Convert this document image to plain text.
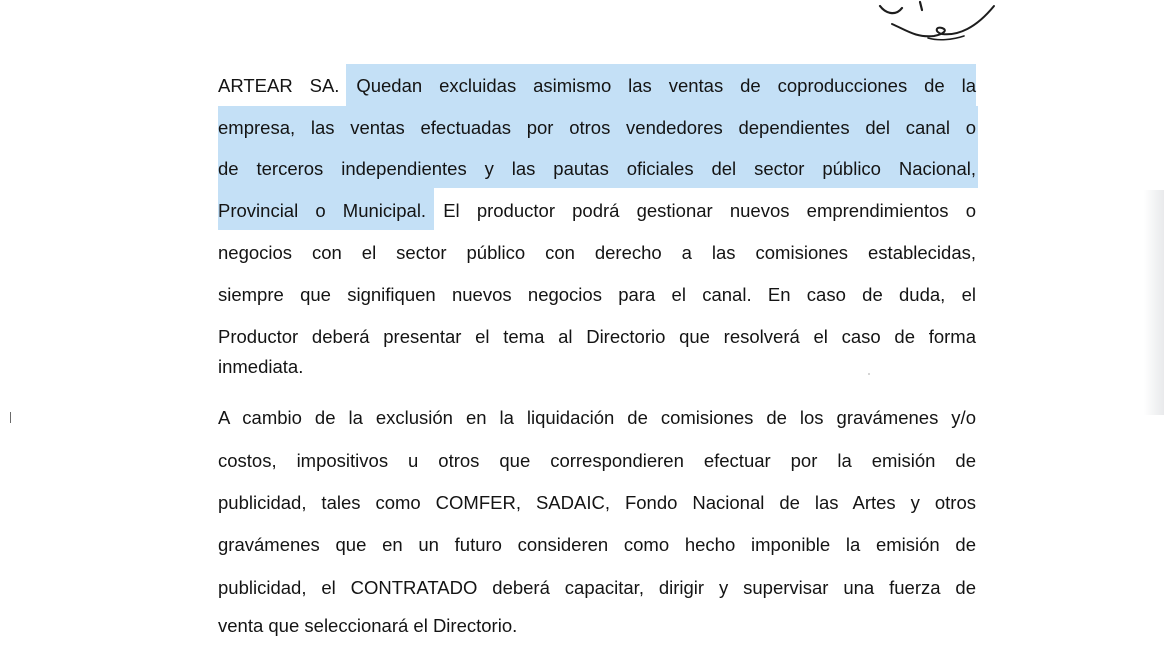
ARTEAR SA. Quedan excluidas asimismo las ventas de coproducciones de la
empresa, las ventas efectuadas por otros vendedores dependientes del canal o
de terceros independientes y las pautas oficiales del sector público Nacional,
Provincial o Municipal. El productor podrá gestionar nuevos emprendimientos o
negocios con el sector público con derecho a las comisiones establecidas,
siempre que signifiquen nuevos negocios para el canal. En caso de duda, el
Productor deberá presentar el tema al Directorio que resolverá el caso de forma
inmediata.
A cambio de la exclusión en la liquidación de comisiones de los gravámenes y/o
costos, impositivos u otros que correspondieren efectuar por la emisión de
publicidad, tales como COMFER, SADAIC, Fondo Nacional de las Artes y otros
gravámenes que en un futuro consideren como hecho imponible la emisión de
publicidad, el CONTRATADO deberá capacitar, dirigir y supervisar una fuerza de
venta que seleccionará el Directorio.
